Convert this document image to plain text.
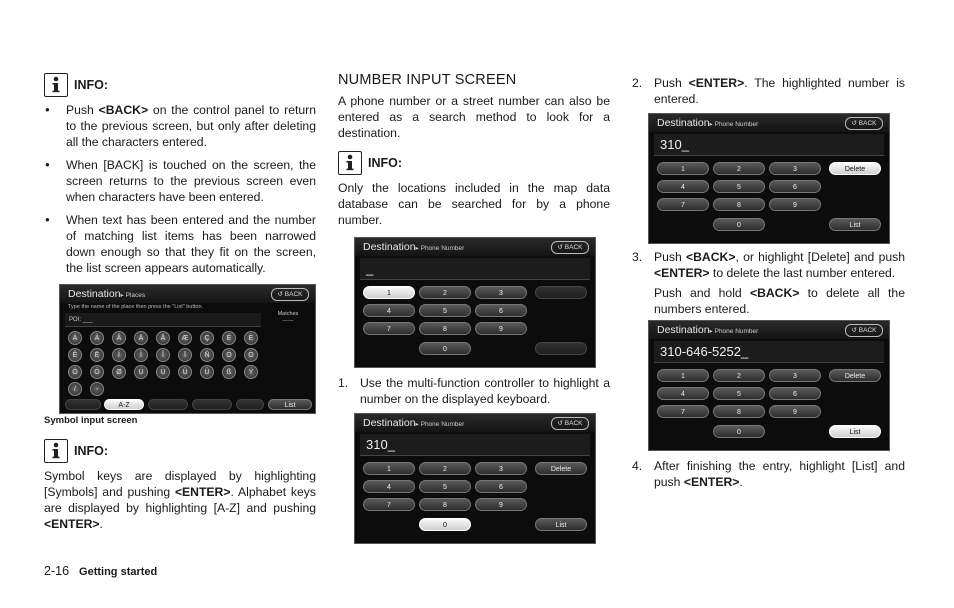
INFO:
● Push <BACK> on the control panel to return to the previous screen, but only after deleting all the characters entered.
● When [BACK] is touched on the screen, the screen returns to the previous screen even when characters have been entered.
● When text has been entered and the number of matching list items has been narrowed down enough so that they fit on the screen, the list screen appears automatically.
Destination▸ Places	↺ BACK
Type the name of the place then press the "List" button.
POI: ___
Matches
------
Á	À	Â	Ä	Å	Æ	Ç	É	È
Ê	Ë	Í	Ì	Î	Ï	Ñ	Ó	Ò
Ô	Ö	Ø	Ú	Ù	Û	Ü	ß	Ý
/	-
A-Z	List
Symbol input screen
INFO:

Symbol keys are displayed by highlighting [Symbols] and pushing <ENTER>. Alphabet keys are displayed by highlighting [A-Z] and pushing <ENTER>.

NUMBER INPUT SCREEN

A phone number or a street number can also be entered as a search method to look for a destination.

INFO:

Only the locations included in the map data database can be searched for by a phone number.

Destination▸ Phone Number	↺ BACK
_
1	2	3
4	5	6
7	8	9
0
1. Use the multi-function controller to highlight a number on the displayed keyboard.
Destination▸ Phone Number	↺ BACK
310_
1	2	3
4	5	6
7	8	9
0
Delete
List
2. Push <ENTER>. The highlighted number is entered.
Destination▸ Phone Number	↺ BACK
310_
1	2	3
4	5	6
7	8	9
0
Delete
List
3. Push <BACK>, or highlight [Delete] and push <ENTER> to delete the last number entered.
Push and hold <BACK> to delete all the numbers entered.
Destination▸ Phone Number	↺ BACK
310-646-5252_
1	2	3
4	5	6
7	8	9
0
Delete
List
4. After finishing the entry, highlight [List] and push <ENTER>.
2-16 Getting started
